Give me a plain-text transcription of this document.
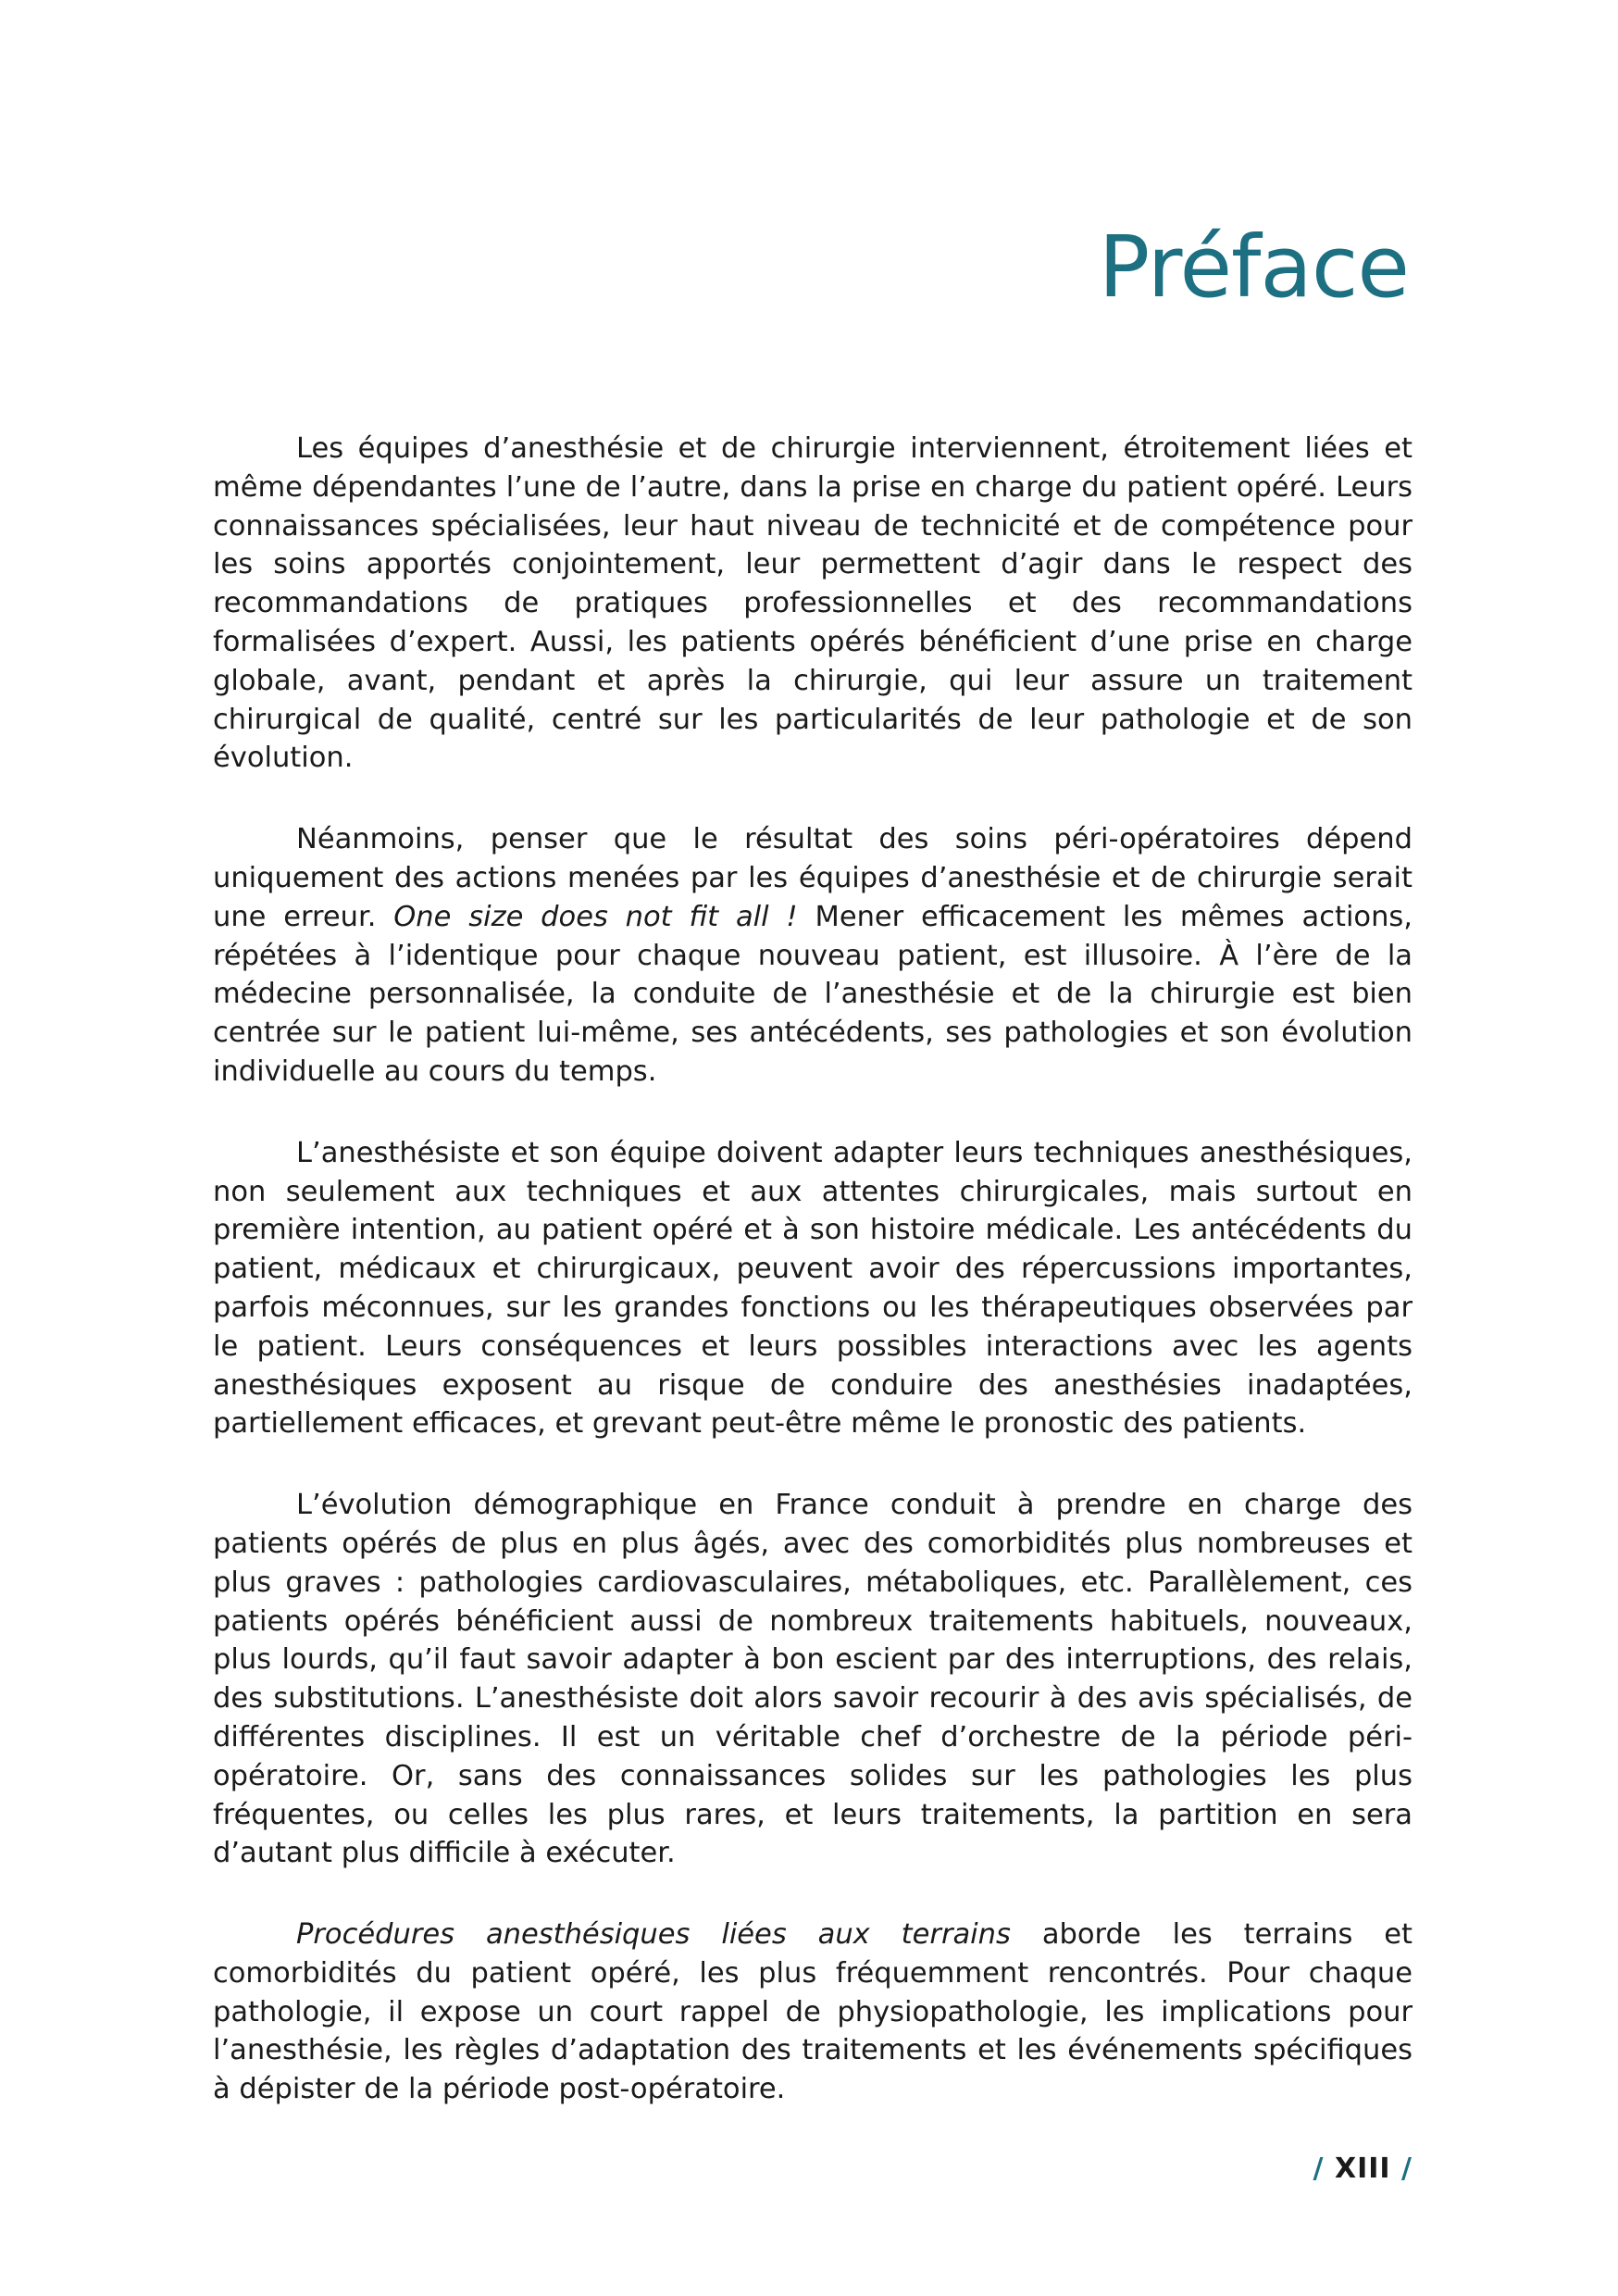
Préface

Les équipes d’anesthésie et de chirurgie interviennent, étroitement liées et même dépendantes l’une de l’autre, dans la prise en charge du patient opéré. Leurs connaissances spécialisées, leur haut niveau de technicité et de compétence pour les soins apportés conjointement, leur permettent d’agir dans le respect des recommandations de pratiques professionnelles et des recommandations formalisées d’expert. Aussi, les patients opérés bénéficient d’une prise en charge globale, avant, pendant et après la chirurgie, qui leur assure un traitement chirurgical de qualité, centré sur les particularités de leur pathologie et de son évolution.

Néanmoins, penser que le résultat des soins péri-opératoires dépend uniquement des actions menées par les équipes d’anesthésie et de chirurgie serait une erreur. One size does not fit all ! Mener efficacement les mêmes actions, répétées à l’identique pour chaque nouveau patient, est illusoire. À l’ère de la médecine personnalisée, la conduite de l’anesthésie et de la chirurgie est bien centrée sur le patient lui-même, ses antécédents, ses pathologies et son évolution individuelle au cours du temps.

L’anesthésiste et son équipe doivent adapter leurs techniques anesthésiques, non seulement aux techniques et aux attentes chirurgicales, mais surtout en première intention, au patient opéré et à son histoire médicale. Les antécédents du patient, médicaux et chirurgicaux, peuvent avoir des répercussions importantes, parfois méconnues, sur les grandes fonctions ou les thérapeutiques observées par le patient. Leurs conséquences et leurs possibles interactions avec les agents anesthésiques exposent au risque de conduire des anesthésies inadaptées, partiellement efficaces, et grevant peut-être même le pronostic des patients.

L’évolution démographique en France conduit à prendre en charge des patients opérés de plus en plus âgés, avec des comorbidités plus nombreuses et plus graves : pathologies cardiovasculaires, métaboliques, etc. Parallèlement, ces patients opérés bénéficient aussi de nombreux traitements habituels, nouveaux, plus lourds, qu’il faut savoir adapter à bon escient par des interruptions, des relais, des substitutions. L’anesthésiste doit alors savoir recourir à des avis spécialisés, de différentes disciplines. Il est un véritable chef d’orchestre de la période péri-opératoire. Or, sans des connaissances solides sur les pathologies les plus fréquentes, ou celles les plus rares, et leurs traitements, la partition en sera d’autant plus difficile à exécuter.

Procédures anesthésiques liées aux terrains aborde les terrains et comorbidités du patient opéré, les plus fréquemment rencontrés. Pour chaque pathologie, il expose un court rappel de physiopathologie, les implications pour l’anesthésie, les règles d’adaptation des traitements et les événements spécifiques à dépister de la période post-opératoire.

/ XIII /
